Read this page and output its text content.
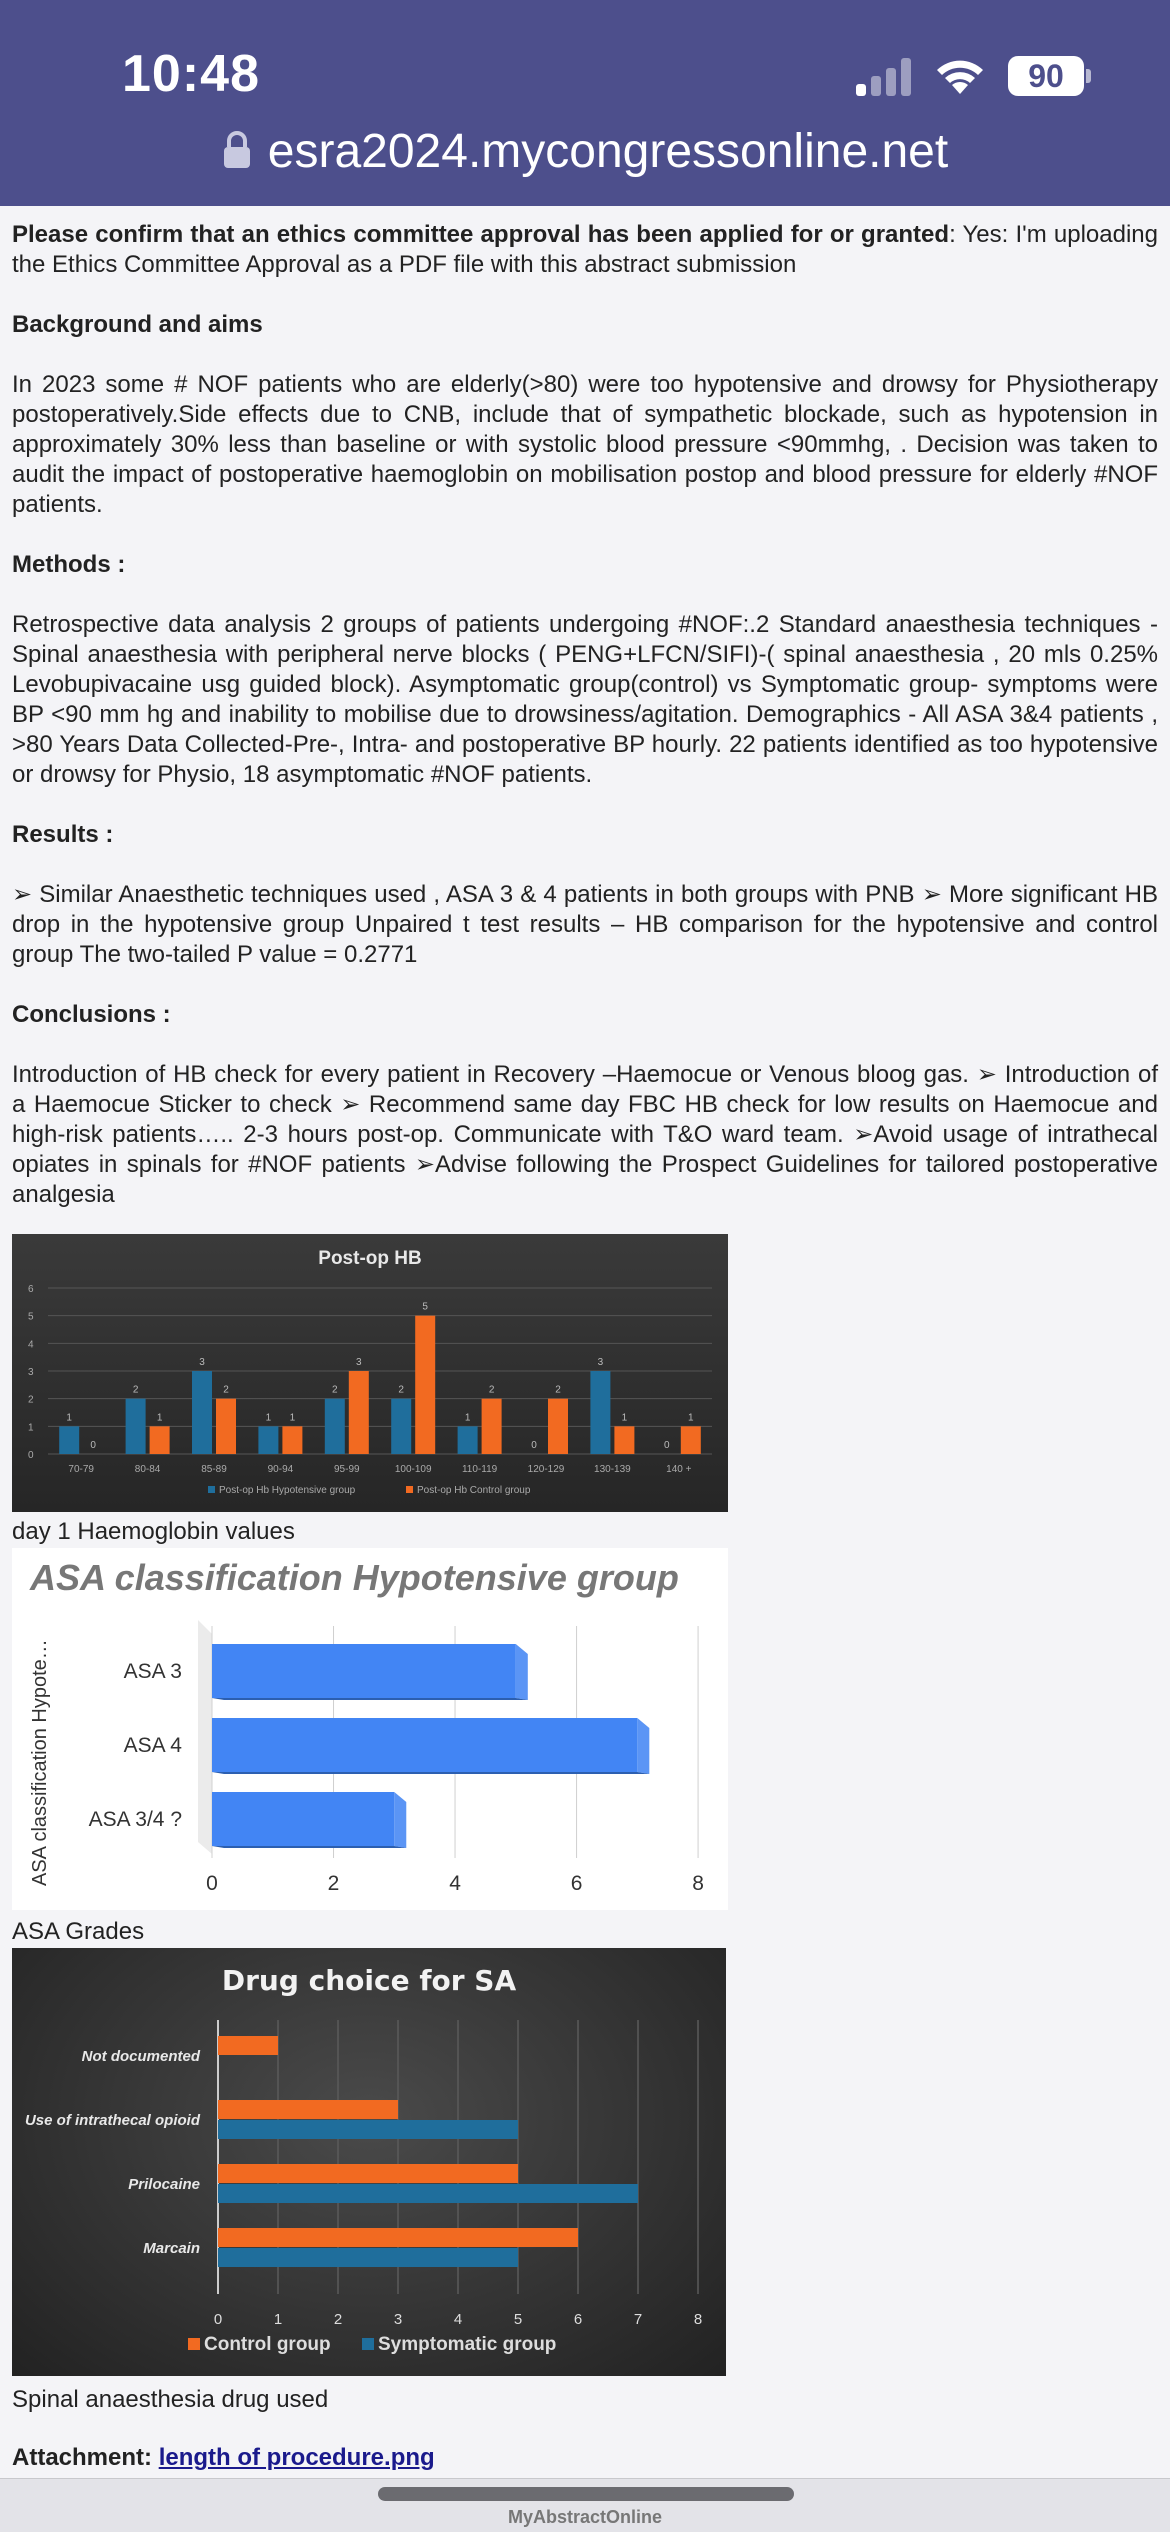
10:48	90
esra2024.mycongressonline.net

Please confirm that an ethics committee approval has been applied for or granted: Yes: I'm uploading the Ethics Committee Approval as a PDF file with this abstract submission

Background and aims

In 2023 some # NOF patients who are elderly(>80) were too hypotensive and drowsy for Physiotherapy postoperatively.Side effects due to CNB, include that of sympathetic blockade, such as hypotension in approximately 30% less than baseline or with systolic blood pressure <90mmhg, . Decision was taken to audit the impact of postoperative haemoglobin on mobilisation postop and blood pressure for elderly #NOF patients.

Methods :

Retrospective data analysis 2 groups of patients undergoing #NOF:.2 Standard anaesthesia techniques - Spinal anaesthesia with peripheral nerve blocks ( PENG+LFCN/SIFI)-( spinal anaesthesia , 20 mls 0.25% Levobupivacaine usg guided block). Asymptomatic group(control) vs Symptomatic group- symptoms were BP <90 mm hg and inability to mobilise due to drowsiness/agitation. Demographics - All ASA 3&4 patients , >80 Years Data Collected-Pre-, Intra- and postoperative BP hourly. 22 patients identified as too hypotensive or drowsy for Physio, 18 asymptomatic #NOF patients.

Results :

➢ Similar Anaesthetic techniques used , ASA 3 & 4 patients in both groups with PNB ➢ More significant HB drop in the hypotensive group Unpaired t test results – HB comparison for the hypotensive and control group The two-tailed P value = 0.2771

Conclusions :

Introduction of HB check for every patient in Recovery –Haemocue or Venous bloog gas. ➢ Introduction of a Haemocue Sticker to check ➢ Recommend same day FBC HB check for low results on Haemocue and high-risk patients….. 2-3 hours post-op. Communicate with T&O ward team. ➢Avoid usage of intrathecal opiates in spinals for #NOF patients ➢Advise following the Prospect Guidelines for tailored postoperative analgesia

Post-op HB
0
1
2
3
4
5
6
1
0
70-79
2
1
80-84
3
2
85-89
1 1
90-94
2
3
95-99
2
5
100-109
1
2
110-119
0
2
120-129
3
1
130-139
0
1
140 +
Post-op Hb Hypotensive group	Post-op Hb Control group
day 1 Haemoglobin values
ASA classification Hypotensive group
0	2	4	6	8
ASA 3
ASA 4
ASA 3/4 ?
ASA classification Hypote…
ASA Grades
Drug choice for SA
0	1	2	3	4	5	6	7	8
Not documented
Use of intrathecal opioid
Prilocaine
Marcain
Control group Symptomatic group
Spinal anaesthesia drug used
Attachment: length of procedure.png
MyAbstractOnline
